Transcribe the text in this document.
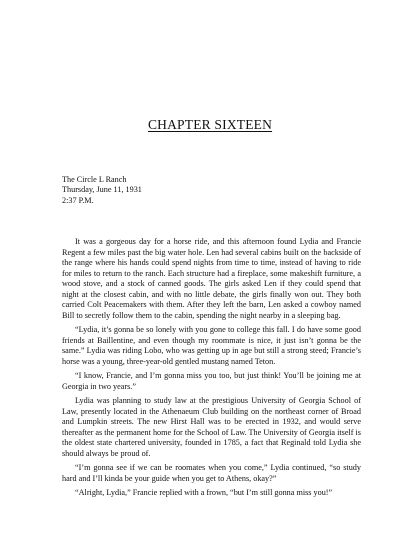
CHAPTER SIXTEEN
The Circle L Ranch
Thursday, June 11, 1931
2:37 P.M.

It was a gorgeous day for a horse ride, and this afternoon found Lydia and Francie Regent a few miles past the big water hole. Len had several cabins built on the backside of the range where his hands could spend nights from time to time, instead of having to ride for miles to return to the ranch. Each structure had a fireplace, some makeshift furniture, a wood stove, and a stock of canned goods. The girls asked Len if they could spend that night at the closest cabin, and with no little debate, the girls finally won out. They both carried Colt Peacemakers with them. After they left the barn, Len asked a cowboy named Bill to secretly follow them to the cabin, spending the night nearby in a sleeping bag.

“Lydia, it’s gonna be so lonely with you gone to college this fall. I do have some good friends at Baillentine, and even though my roommate is nice, it just isn’t gonna be the same.” Lydia was riding Lobo, who was getting up in age but still a strong steed; Francie’s horse was a young, three-year-old gentled mustang named Teton.

“I know, Francie, and I’m gonna miss you too, but just think! You’ll be joining me at Georgia in two years.”

Lydia was planning to study law at the prestigious University of Georgia School of Law, presently located in the Athenaeum Club building on the northeast corner of Broad and Lumpkin streets. The new Hirst Hall was to be erected in 1932, and would serve thereafter as the permanent home for the School of Law. The University of Georgia itself is the oldest state chartered university, founded in 1785, a fact that Reginald told Lydia she should always be proud of.

“I’m gonna see if we can be roomates when you come,” Lydia continued, “so study hard and I’ll kinda be your guide when you get to Athens, okay?”

“Alright, Lydia,” Francie replied with a frown, “but I’m still gonna miss you!”
